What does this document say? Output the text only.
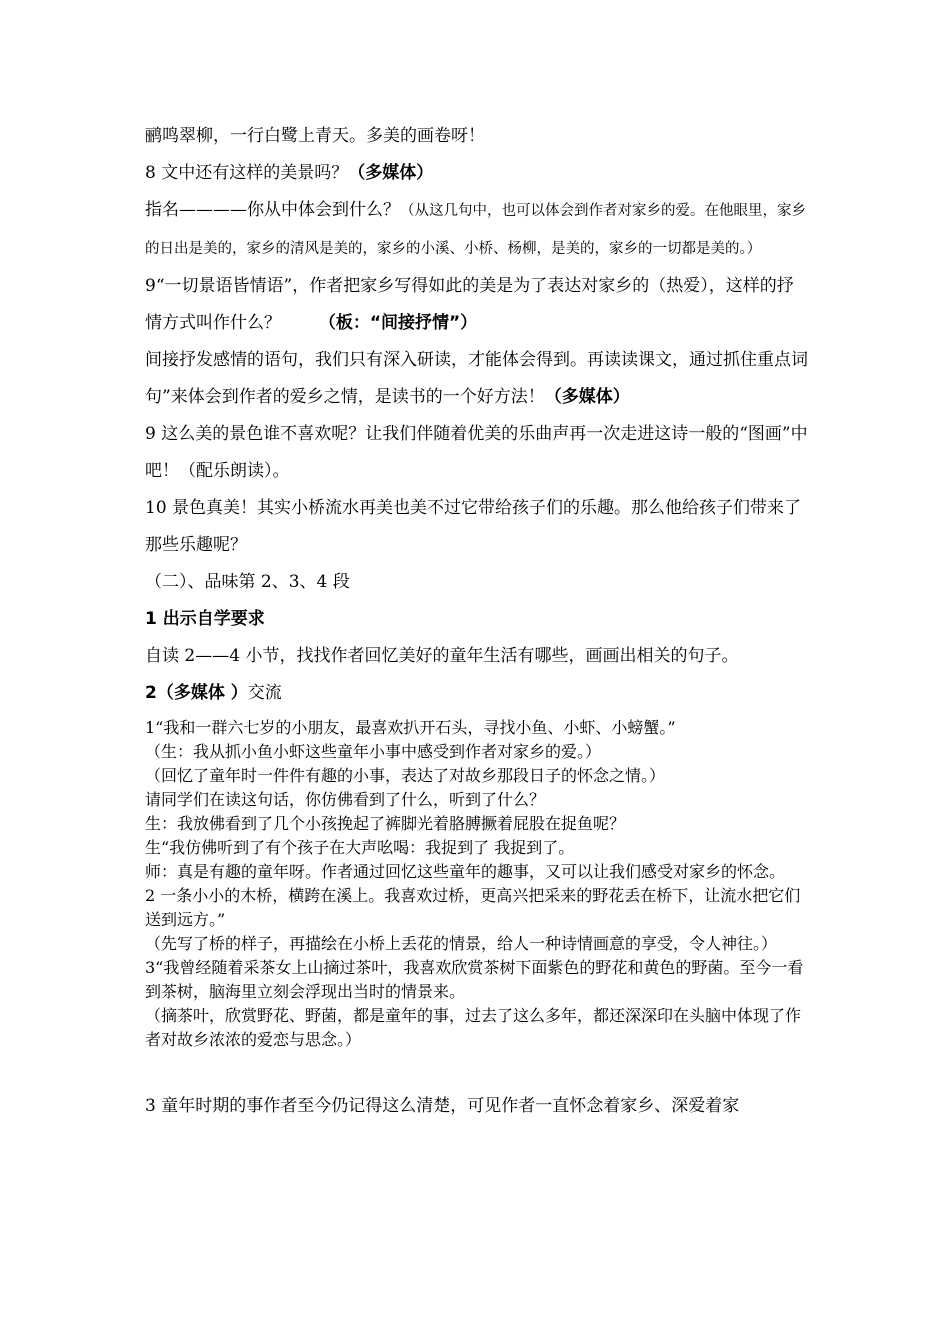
鹂鸣翠柳，一行白鹭上青天。多美的画卷呀！

8 文中还有这样的美景吗？（多媒体）

指名————你从中体会到什么？（从这几句中，也可以体会到作者对家乡的爱。在他眼里，家乡的日出是美的，家乡的清风是美的，家乡的小溪、小桥、杨柳，是美的，家乡的一切都是美的。）

9“一切景语皆情语”，作者把家乡写得如此的美是为了表达对家乡的（热爱），这样的抒情方式叫作什么？ （板：“间接抒情”）

间接抒发感情的语句，我们只有深入研读，才能体会得到。再读读课文，通过抓住重点词句”来体会到作者的爱乡之情，是读书的一个好方法！（多媒体）

9 这么美的景色谁不喜欢呢？让我们伴随着优美的乐曲声再一次走进这诗一般的“图画”中吧！（配乐朗读）。

10 景色真美！其实小桥流水再美也美不过它带给孩子们的乐趣。那么他给孩子们带来了那些乐趣呢？

（二）、品味第 2、3、4 段

1 出示自学要求

自读 2——4 小节，找找作者回忆美好的童年生活有哪些，画画出相关的句子。

2（多媒体 ）交流

1“我和一群六七岁的小朋友，最喜欢扒开石头，寻找小鱼、小虾、小螃蟹。”

（生：我从抓小鱼小虾这些童年小事中感受到作者对家乡的爱。）

（回忆了童年时一件件有趣的小事，表达了对故乡那段日子的怀念之情。）

请同学们在读这句话，你仿佛看到了什么，听到了什么？

生：我放佛看到了几个小孩挽起了裤脚光着胳膊撅着屁股在捉鱼呢？

生“我仿佛听到了有个孩子在大声吆喝：我捉到了 我捉到了。

师：真是有趣的童年呀。作者通过回忆这些童年的趣事，又可以让我们感受对家乡的怀念。

2 一条小小的木桥，横跨在溪上。我喜欢过桥，更高兴把采来的野花丢在桥下，让流水把它们送到远方。”

（先写了桥的样子，再描绘在小桥上丢花的情景，给人一种诗情画意的享受，令人神往。）

3“我曾经随着采茶女上山摘过茶叶，我喜欢欣赏茶树下面紫色的野花和黄色的野菌。至今一看到茶树，脑海里立刻会浮现出当时的情景来。

（摘茶叶，欣赏野花、野菌，都是童年的事，过去了这么多年，都还深深印在头脑中体现了作者对故乡浓浓的爱恋与思念。）

3 童年时期的事作者至今仍记得这么清楚，可见作者一直怀念着家乡、深爱着家
